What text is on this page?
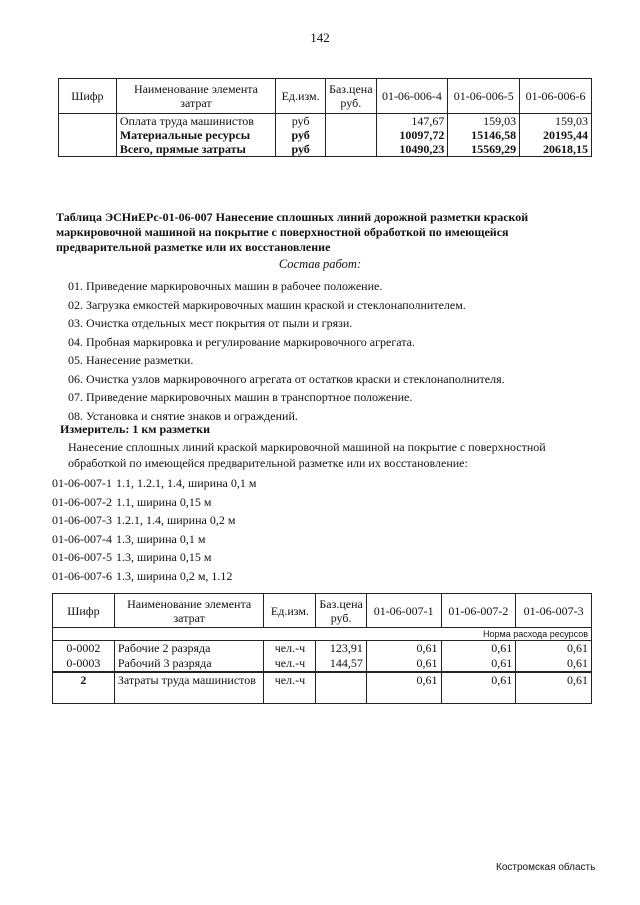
142
Шифр	Наименование элемента затрат	Ед.изм.	Баз.цена руб.	01-06-006-4	01-06-006-5	01-06-006-6
	Оплата труда машинистов	руб		147,67	159,03	159,03
	Материальные ресурсы	руб		10097,72	15146,58	20195,44
	Всего, прямые затраты	руб		10490,23	15569,29	20618,15
Таблица ЭСНиЕРс-01-06-007 Нанесение сплошных линий дорожной разметки краской маркировочной машиной на покрытие с поверхностной обработкой по имеющейся предварительной разметке или их восстановление
Состав работ:
01. Приведение маркировочных машин в рабочее положение.
02. Загрузка емкостей маркировочных машин краской и стеклонаполнителем.
03. Очистка отдельных мест покрытия от пыли и грязи.
04. Пробная маркировка и регулирование маркировочного агрегата.
05. Нанесение разметки.
06. Очистка узлов маркировочного агрегата от остатков краски и стеклонаполнителя.
07. Приведение маркировочных машин в транспортное положение.
08. Установка и снятие знаков и ограждений.
Измеритель: 1 км разметки
Нанесение сплошных линий краской маркировочной машиной на покрытие с поверхностной обработкой по имеющейся предварительной разметке или их восстановление:
01-06-007-1 1.1, 1.2.1, 1.4, ширина 0,1 м
01-06-007-2 1.1, ширина 0,15 м
01-06-007-3 1.2.1, 1.4, ширина 0,2 м
01-06-007-4 1.3, ширина 0,1 м
01-06-007-5 1.3, ширина 0,15 м
01-06-007-6 1.3, ширина 0,2 м, 1.12
Шифр	Наименование элемента затрат	Ед.изм.	Баз.цена руб.	01-06-007-1	01-06-007-2	01-06-007-3
Норма расхода ресурсов						
0-0002	Рабочие 2 разряда	чел.-ч	123,91	0,61	0,61	0,61
0-0003	Рабочий 3 разряда	чел.-ч	144,57	0,61	0,61	0,61
2	Затраты труда машинистов	чел.-ч		0,61	0,61	0,61
Костромская область
